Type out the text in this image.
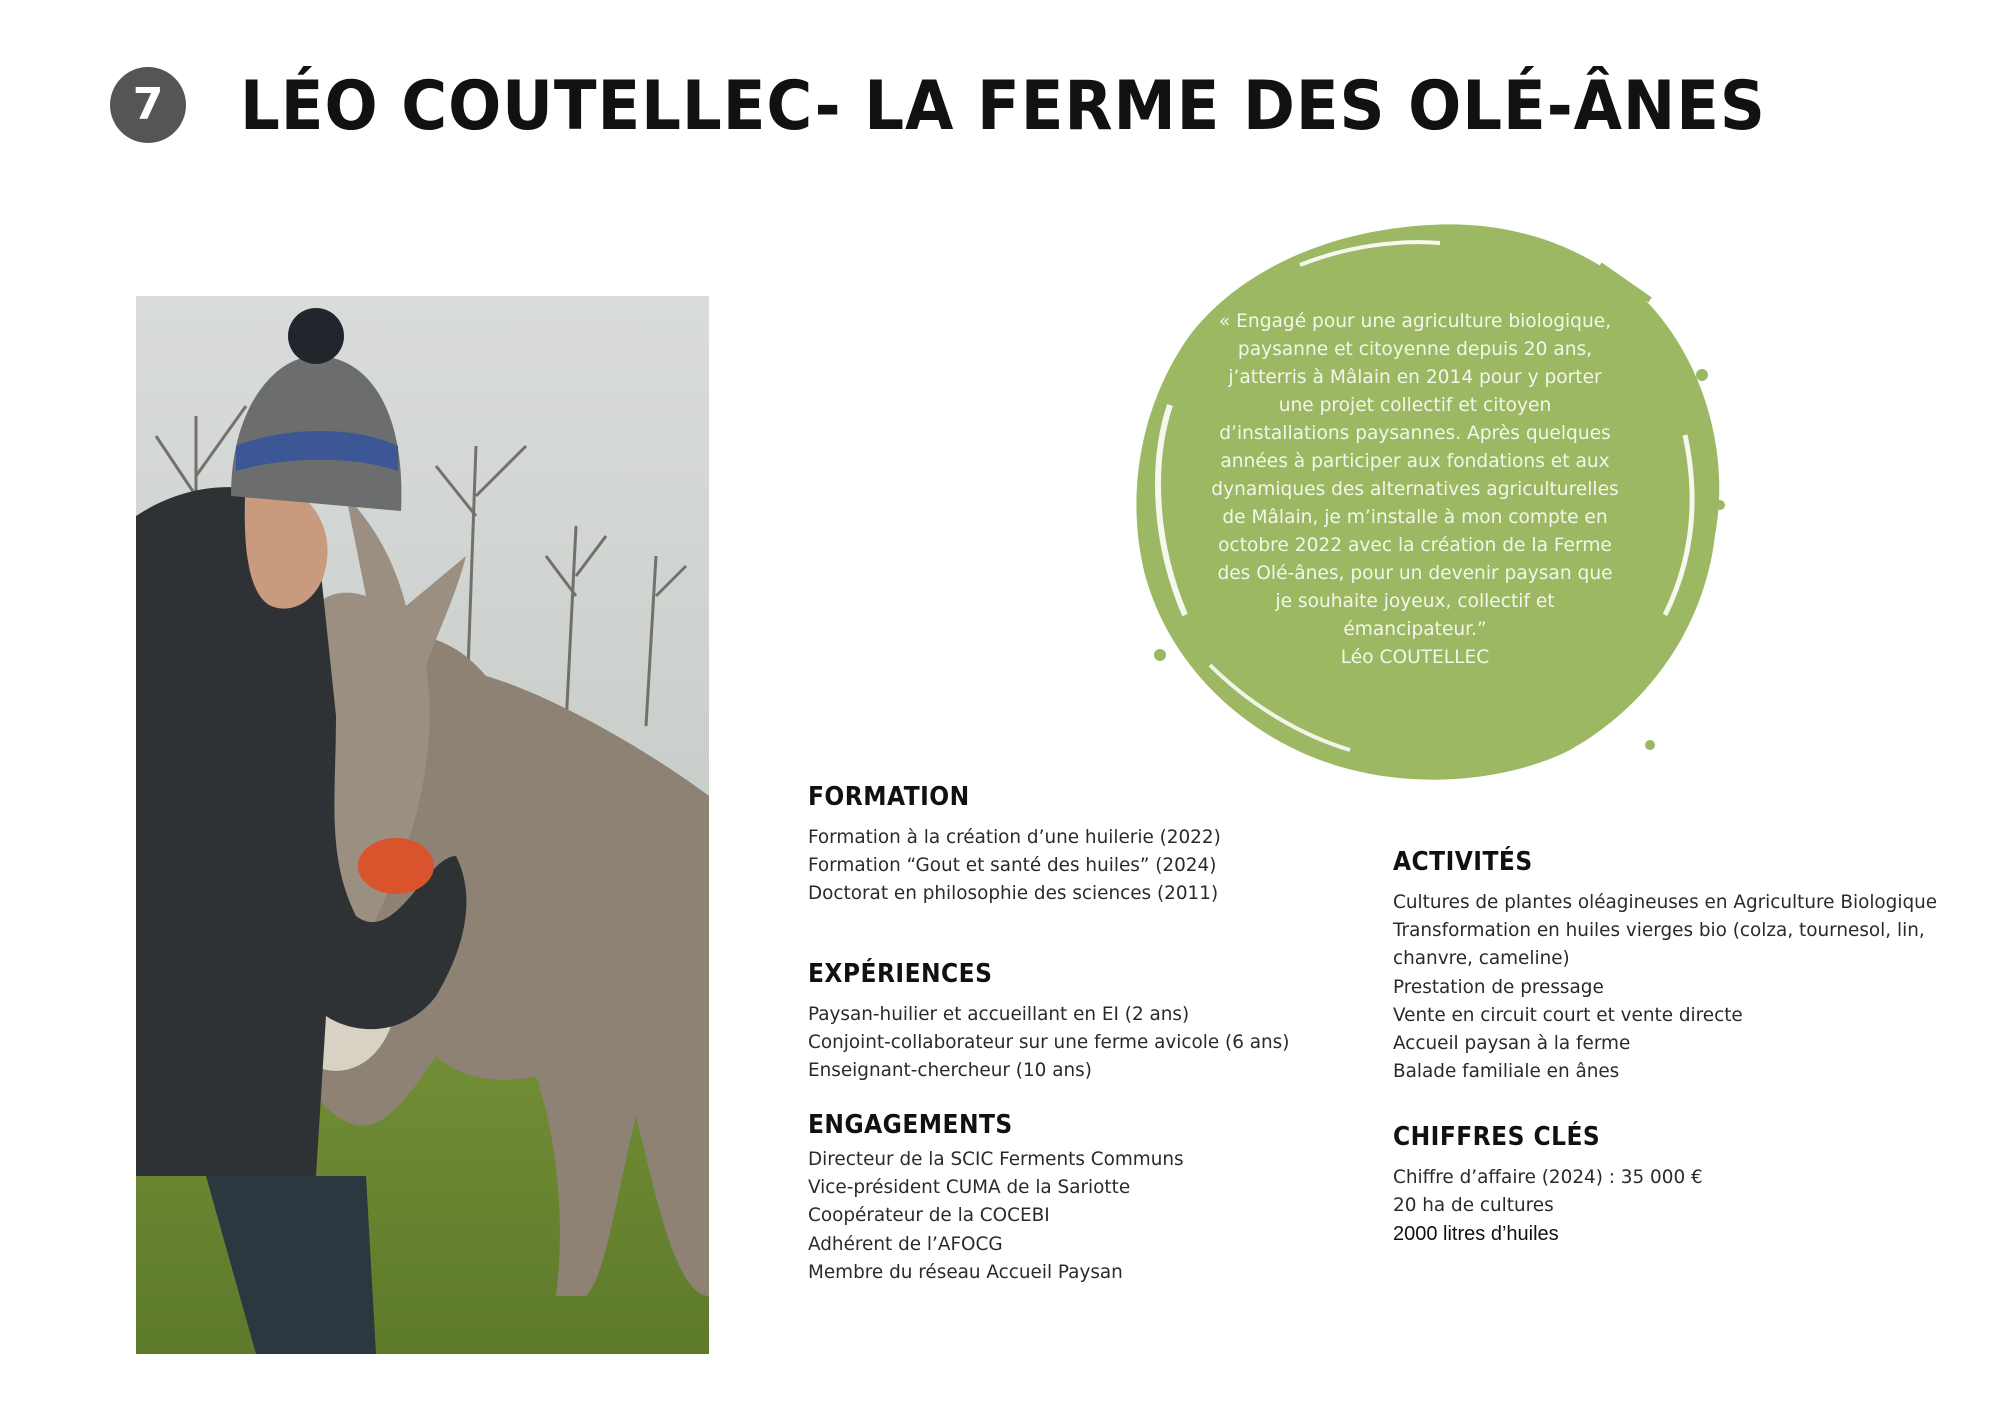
7	LÉO COUTELLEC- LA FERME DES OLÉ-ÂNES

« Engagé pour une agriculture biologique,

paysanne et citoyenne depuis 20 ans,

j’atterris à Mâlain en 2014 pour y porter

une projet collectif et citoyen

d’installations paysannes. Après quelques

années à participer aux fondations et aux

dynamiques des alternatives agriculturelles

de Mâlain, je m’installe à mon compte en

octobre 2022 avec la création de la Ferme

des Olé-ânes, pour un devenir paysan que

je souhaite joyeux, collectif et

émancipateur.”

Léo COUTELLEC

FORMATION
Formation à la création d’une huilerie (2022)
Formation “Gout et santé des huiles” (2024)
Doctorat en philosophie des sciences (2011)
EXPÉRIENCES
Paysan-huilier et accueillant en EI (2 ans)
Conjoint-collaborateur sur une ferme avicole (6 ans)
Enseignant-chercheur (10 ans)
ENGAGEMENTS
Directeur de la SCIC Ferments Communs
Vice-président CUMA de la Sariotte
Coopérateur de la COCEBI
Adhérent de l’AFOCG
Membre du réseau Accueil Paysan
ACTIVITÉS
Cultures de plantes oléagineuses en Agriculture Biologique
Transformation en huiles vierges bio (colza, tournesol, lin,
chanvre, cameline)
Prestation de pressage
Vente en circuit court et vente directe
Accueil paysan à la ferme
Balade familiale en ânes
CHIFFRES CLÉS
Chiffre d’affaire (2024) : 35 000 €
20 ha de cultures
2000 litres d’huiles
